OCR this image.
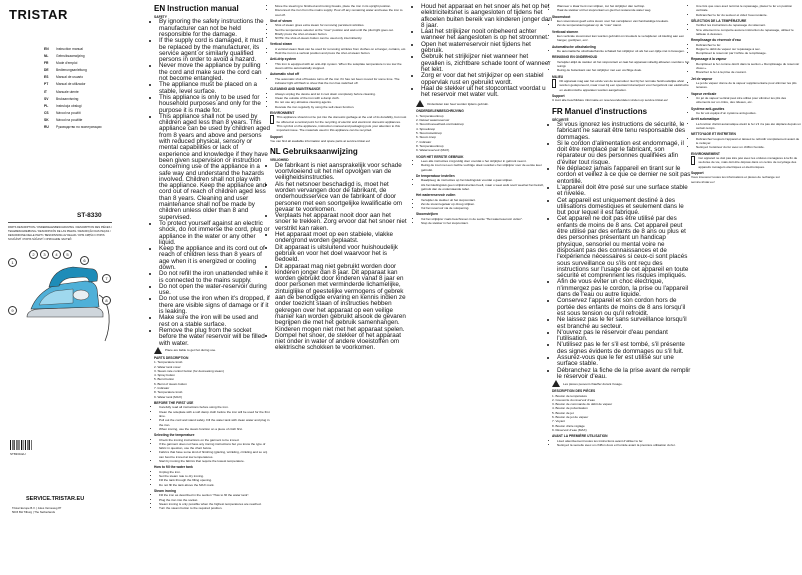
TRISTAR
EN	Instruction manual
NL	Gebruiksaanwijzing
FR	Mode d'emploi
DE	Bedienungsanleitung
ES	Manual de usuario
PT	Manual de utilizador
IT	Manuale utente
SV	Bruksanvisning
PL	Instrukcja obsługi
CS	Návod na použití
SK	Návod na použitie
RU	Руководство по эксплуатации
ST-8330
PARTS DESCRIPTION / ONDERDELENBESCHRIJVING / DESCRIPTION DES PIÈCES / TEILEBESCHREIBUNG / DESCRIPCIÓN DE LAS PIEZAS / DESCRIÇÃO DAS PEÇAS / DESCRIZIONE DELLE PARTI / BESKRIVNING AV DELAR / OPIS CZĘŚCI / POPIS SOUČÁSTÍ / POPIS SÚČASTÍ / ОПИСАНИЕ ЧАСТЕЙ
1
2	3	4	5
6
7
8
9
ST8330-EU
SERVICE.TRISTAR.EU
Tristar Europe B.V. | Jules Verneweg 87
5015 BH Tilburg | The Netherlands
EN Instruction manual
SAFETY
• By ignoring the safety instructions the manufacturer can not be held responsible for the damage.
• If the supply cord is damaged, it must be replaced by the manufacturer, its service agent or similarly qualified persons in order to avoid a hazard.
• Never move the appliance by pulling the cord and make sure the cord can not become entangled.
• The appliance must be placed on a stable, level surface.
• This appliance is only to be used for household purposes and only for the purpose it is made for.
• This appliance shall not be used by children aged less than 8 years. This appliance can be used by children aged from 8 years and above and persons with reduced physical, sensory or mental capabilities or lack of experience and knowledge if they have been given supervision or instruction concerning use of the appliance in a safe way and understand the hazards involved. Children shall not play with the appliance. Keep the appliance and cord out of reach of children aged less than 8 years. Cleaning and user maintenance shall not be made by children unless older than 8 and supervised.
• To protect yourself against an electric shock, do not immerse the cord, plug or appliance in the water or any other liquid.
• Keep the appliance and its cord out of reach of children less than 8 years of age when it is energized or cooling down.
• Do not refill the iron unattended while it is connected to the mains supply.
• Do not open the water-reservoir during use.
• Do not use the iron when it's dropped, if there are visible signs of damage or if it is leaking.
• Make sure the iron will be used and rest on a stable surface.
• Remove the plug from the socket before the water reservoir will be filled with water.
Place are liable to get hot during use.
PARTS DESCRIPTION
1. Temperature knob
2. Water tank cover
3. Steam rate control button (for decreasing steam)
4. Spray button
5. Burst button
6. Burst of steam button
7. Indicator
8. Temperature knob
9. Water tank (MAX)
BEFORE THE FIRST USE
• Carefully read all instructions before using the iron.
• Clean the soleplate with a soft damp cloth before the iron will be used for the first time.
• Pull out the cord and stand safely. Fill the water tank with clean water and plug in the iron.
• When ironing, use the steam function on a piece of cloth first.
Selecting the temperature
• Check the ironing instructions on the garment to be ironed.
• If the garment does not have any ironing instructions but you know the type of fabric in question, use the chart below.
• Fabrics that have some kind of finishing (glazing, wrinkling, crinkling and so on) can best be ironed at low temperatures.
• Start by ironing the fabrics that require the lowest temperature.
How to fill the water tank
• Unplug the iron.
• Set the steam rate to dry ironing.
• Fill the tank through the filling opening.
• Do not fill the tank above the MAX mark.
Steam ironing
• Fill the iron as described in the section "How to fill the water tank".
• Plug the iron into the socket.
• Steam ironing is only possible when the highest temperatures are reached.
• Turn the steam button to the required position.
• Move the steering to finished and ironing breaks, place the iron in its upright position.
• Disconnect the iron from the mains supply. Pour off any remaining water and leave the iron to cool off.
Shot of steam
• Shot of steam gives extra steam for removing persistent wrinkles.
• Set the temperature selector at the "max" position and wait until the pilot light goes out.
• Briefly press the shot-of-steam button.
• NOTE: the shot-of-steam button can be used only intermittently.
Vertical steam
• A vertical steam blast can be used for removing wrinkles from clothes on a hanger, curtains, etc.
• Hold the iron in a vertical position and press the shot-of-steam button.
Anti-drip system
• This iron is equipped with an anti-drip system. When the soleplate temperature is too low the steam will be automatically stopped.
Automatic shut off
• The automatic shut off feature turns off the iron if it has not been moved for some time. The indicator light will flash to show that the iron has switched off.
CLEANING AND MAINTENANCE
• Always unplug the device and let it cool down completely before cleaning.
• Clean the outside of the iron with a damp cloth.
• Do not use any abrasive cleaning agents.
• Descale the iron regularly by using the self-clean function.
ENVIRONMENT
This appliance should not be put into the domestic garbage at the end of its durability, but must be offered at a central point for the recycling of electric and electronic domestic appliances. This symbol on the appliance, instruction manual and packaging puts your attention to this important issue. The materials used in this appliance can be recycled.
Support
You can find all available information and spare parts at service.tristar.eu!
NL Gebruiksaanwijzing
VEILIGHEID
• De fabrikant is niet aansprakelijk voor schade voortvloeiend uit het niet opvolgen van de veiligheidsinstructies.
• Als het netsnoer beschadigd is, moet het worden vervangen door de fabrikant, de onderhoudsservice van de fabrikant of door personen met een soortgelijke kwalificatie om gevaar te voorkomen.
• Verplaats het apparaat nooit door aan het snoer te trekken. Zorg ervoor dat het snoer niet verstrikt kan raken.
• Het apparaat moet op een stabiele, vlakke ondergrond worden geplaatst.
• Dit apparaat is uitsluitend voor huishoudelijk gebruik en voor het doel waarvoor het is bedoeld.
• Dit apparaat mag niet gebruikt worden door kinderen jonger dan 8 jaar. Dit apparaat kan worden gebruikt door kinderen vanaf 8 jaar en door personen met verminderde lichamelijke, zintuiglijke of geestelijke vermogens of gebrek aan de benodigde ervaring en kennis indien ze onder toezicht staan of instructies hebben gekregen over het apparaat op een veilige manier kan worden gebruikt alsook de gevaren begrijpen die met het gebruik samenhangen. Kinderen mogen niet met het apparaat spelen.
• Dompel het snoer, de stekker of het apparaat niet onder in water of andere vloeistoffen om elektrische schokken te voorkomen.
• Houd het apparaat en het snoer als het op het elektriciteitsnet is aangesloten of tijdens het afkoelen buiten bereik van kinderen jonger dan 8 jaar.
• Laat het strijkijzer nooit onbeheerd achter wanneer het aangesloten is op het stroomnet.
• Open het waterreservoir niet tijdens het gebruik.
• Gebruik het strijkijzer niet wanneer het gevallen is, zichtbare schade toont of wanneer het lekt.
• Zorg er voor dat het strijkijzer op een stabiel oppervlak rust en gebruikt wordt.
• Haal de stekker uit het stopcontact voordat u het reservoir met water vult.
Onderdelen kan heet worden tijdens gebruik.
ONDERDELENBESCHRIJVING
1. Temperatuurknop
2. Deksel waterreservoir
3. Stoomhoeveelheid-controleknop
4. Sproeiknop
5. Stoomstootknop
6. Stoom knop
7. Indicator
8. Temperatuurknop
9. Waterreservoir (MAX)
VOOR HET EERSTE GEBRUIK
• Lees alle instructies zorgvuldig door voordat u het strijkijzer in gebruik neemt.
• Reinig de zool met een zachte vochtige doek voordat u het strijkijzer voor de eerste keer gebruikt.
De temperatuur instellen
• Raadpleeg de instructies op het kledingstuk voordat u gaat strijken.
• Als het kledingstuk geen strijkinstructies heeft, maar u weet welk soort weefsel het betreft, gebruik dan de onderstaande tabel.
Het waterreservoir vullen
• Verwijder de stekker uit het stopcontact.
• Zet de stoomregelaar op droog strijken.
• Vul het reservoir via de vulopening.
Stoomstrijken
• Vul het strijkijzer zoals beschreven in de sectie "Het waterreservoir vullen".
• Stop de stekker in het stopcontact.
• Wanneer u klaar bent met strijken, zet het strijkijzer dan rechtop.
• Haal de stekker uit het stopcontact en giet het resterende water weg.
Stoomstoot
• Een stoomstoot geeft extra stoom voor het verwijderen van hardnekkige kreukels.
• Zet de temperatuurregelaar op de "max" stand.
Verticaal stomen
• Een verticale stoomstoot kan worden gebruikt om kreukels te verwijderen uit kleding aan een hanger, gordijnen, enz.
Automatische uitschakeling
• De automatische uitschakelfunctie schakelt het strijkijzer uit als het een tijdje niet is bewogen.
REINIGING EN ONDERHOUD
• Verwijder altijd de stekker uit het stopcontact en laat het apparaat volledig afkoelen voordat u het reinigt.
• Reinig de buitenkant van het strijkijzer met een vochtige doek.
MILIEU
Dit apparaat mag aan het einde van de levensduur niet bij het normale huishoudelijke afval worden gedeponeerd, maar moet bij een speciaal inzamelpunt voor hergebruik van elektrische en elektronische apparaten worden aangeboden.
Support
U kunt alle beschikbare informatie en reserveonderdelen vinden op service.tristar.eu!
FR Manuel d'instructions
SÉCURITÉ
• Si vous ignorez les instructions de sécurité, le fabricant ne saurait être tenu responsable des dommages.
• Si le cordon d'alimentation est endommagé, il doit être remplacé par le fabricant, son réparateur ou des personnes qualifiées afin d'éviter tout risque.
• Ne déplacez jamais l'appareil en tirant sur le cordon et veillez à ce que ce dernier ne soit pas entortillé.
• L'appareil doit être posé sur une surface stable et nivelée.
• Cet appareil est uniquement destiné à des utilisations domestiques et seulement dans le but pour lequel il est fabriqué.
• Cet appareil ne doit pas être utilisé par des enfants de moins de 8 ans. Cet appareil peut être utilisé par des enfants de 8 ans ou plus et des personnes présentant un handicap physique, sensoriel ou mental voire ne disposant pas des connaissances et de l'expérience nécessaires si ceux-ci sont placés sous surveillance ou s'ils ont reçu des instructions sur l'usage de cet appareil en toute sécurité et comprennent les risques impliqués.
• Afin de vous éviter un choc électrique, n'immergez pas le cordon, la prise ou l'appareil dans de l'eau ou autre liquide.
• Conservez l'appareil et son cordon hors de portée des enfants de moins de 8 ans lorsqu'il est sous tension ou qu'il refroidit.
• Ne laissez pas le fer sans surveillance lorsqu'il est branché au secteur.
• N'ouvrez pas le réservoir d'eau pendant l'utilisation.
• N'utilisez pas le fer s'il est tombé, s'il présente des signes évidents de dommages ou s'il fuit.
• Assurez-vous que le fer est utilisé sur une surface stable.
• Débranchez la fiche de la prise avant de remplir le réservoir d'eau.
Les pièces peuvent chauffer durant l'usage.
DESCRIPTION DES PIÈCES
1. Bouton de température
2. Couvercle du réservoir d'eau
3. Bouton de commande du débit de vapeur
4. Bouton de pulvérisation
5. Bouton de jet
6. Bouton de jet de vapeur
7. Voyant
8. Bouton d'aire réglage
9. Réservoir d'eau (MAX)
AVANT LA PREMIÈRE UTILISATION
• Lisez attentivement toutes les instructions avant d'utiliser le fer.
• Nettoyez la semelle avec un chiffon doux et humide avant la première utilisation du fer.
• Une fois que vous avez terminé le repassage, placez le fer en position verticale.
• Débranchez le fer du secteur et videz l'eau restante.
SÉLECTION DE LA TEMPÉRATURE
• Vérifiez les instructions de repassage du vêtement.
• Si le vêtement ne comporte aucune instruction de repassage, utilisez le tableau ci-dessous.
Remplissage du réservoir d'eau
• Débranchez le fer.
• Réglez le débit de vapeur sur repassage à sec.
• Remplissez le réservoir par l'orifice de remplissage.
Repassage à la vapeur
• Remplissez le fer comme décrit dans la section « Remplissage du réservoir d'eau ».
• Branchez le fer à la prise de courant.
Jet de vapeur
• Le jet de vapeur donne de la vapeur supplémentaire pour éliminer les plis tenaces.
Vapeur verticale
• Un jet de vapeur vertical peut être utilisé pour éliminer les plis des vêtements sur un cintre, des rideaux, etc.
Système anti-gouttes
• Ce fer est équipé d'un système anti-gouttes.
Arrêt automatique
• La fonction d'arrêt automatique éteint le fer s'il n'a pas été déplacé depuis un certain temps.
NETTOYAGE ET ENTRETIEN
• Débranchez toujours l'appareil et laissez-le refroidir complètement avant de le nettoyer.
• Nettoyez l'extérieur du fer avec un chiffon humide.
ENVIRONNEMENT
Cet appareil ne doit pas être jeté avec les ordures ménagères à la fin de sa durée de vie, mais doit être déposé dans un centre de recyclage des appareils ménagers électriques et électroniques.
Support
Vous trouverez toutes les informations et pièces de rechange sur service.tristar.eu !
